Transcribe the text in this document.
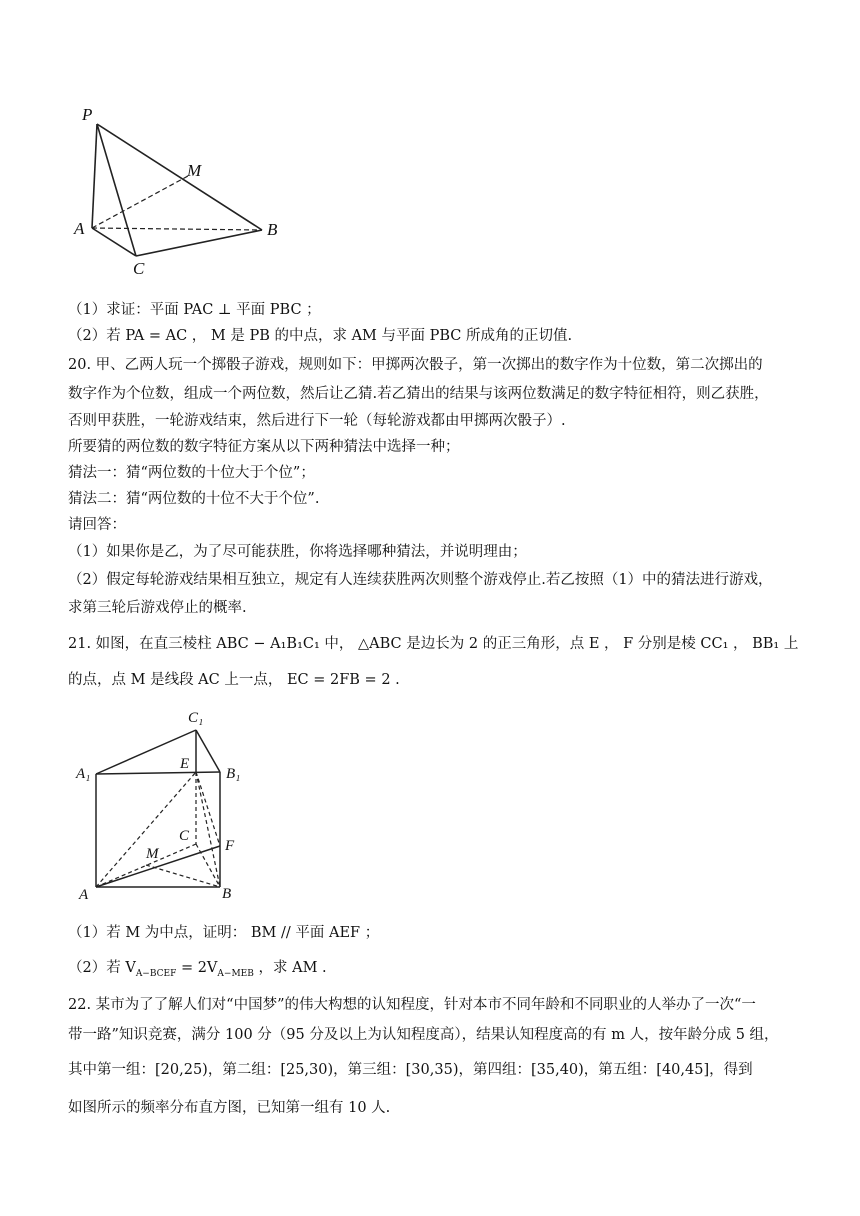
P
M
A	B
C
（1）求证：平面 PAC ⊥ 平面 PBC ；
（2）若 PA = AC ， M 是 PB 的中点，求 AM 与平面 PBC 所成角的正切值.
20. 甲、乙两人玩一个掷骰子游戏，规则如下：甲掷两次骰子，第一次掷出的数字作为十位数，第二次掷出的
数字作为个位数，组成一个两位数，然后让乙猜.若乙猜出的结果与该两位数满足的数字特征相符，则乙获胜，
否则甲获胜，一轮游戏结束，然后进行下一轮（每轮游戏都由甲掷两次骰子）.
所要猜的两位数的数字特征方案从以下两种猜法中选择一种；
猜法一：猜“两位数的十位大于个位”；
猜法二：猜“两位数的十位不大于个位”.
请回答：
（1）如果你是乙，为了尽可能获胜，你将选择哪种猜法，并说明理由；
（2）假定每轮游戏结果相互独立，规定有人连续获胜两次则整个游戏停止.若乙按照（1）中的猜法进行游戏，
求第三轮后游戏停止的概率.
21. 如图，在直三棱柱 ABC − A₁B₁C₁ 中， △ABC 是边长为 2 的正三角形，点 E ， F 分别是棱 CC₁ ， BB₁ 上
的点，点 M 是线段 AC 上一点， EC = 2FB = 2 .
C₁
A₁
E
B₁
C
F
M
A	B
（1）若 M 为中点，证明： BM // 平面 AEF ；
（2）若 $V_{A-BCEF} = 2V_{A-MEB}$ ，求 AM .
22. 某市为了了解人们对“中国梦”的伟大构想的认知程度，针对本市不同年龄和不同职业的人举办了一次“一
带一路”知识竞赛，满分 100 分（95 分及以上为认知程度高），结果认知程度高的有 m 人，按年龄分成 5 组，
其中第一组：[20,25)，第二组：[25,30)，第三组：[30,35)，第四组：[35,40)，第五组：[40,45]，得到
如图所示的频率分布直方图，已知第一组有 10 人.
